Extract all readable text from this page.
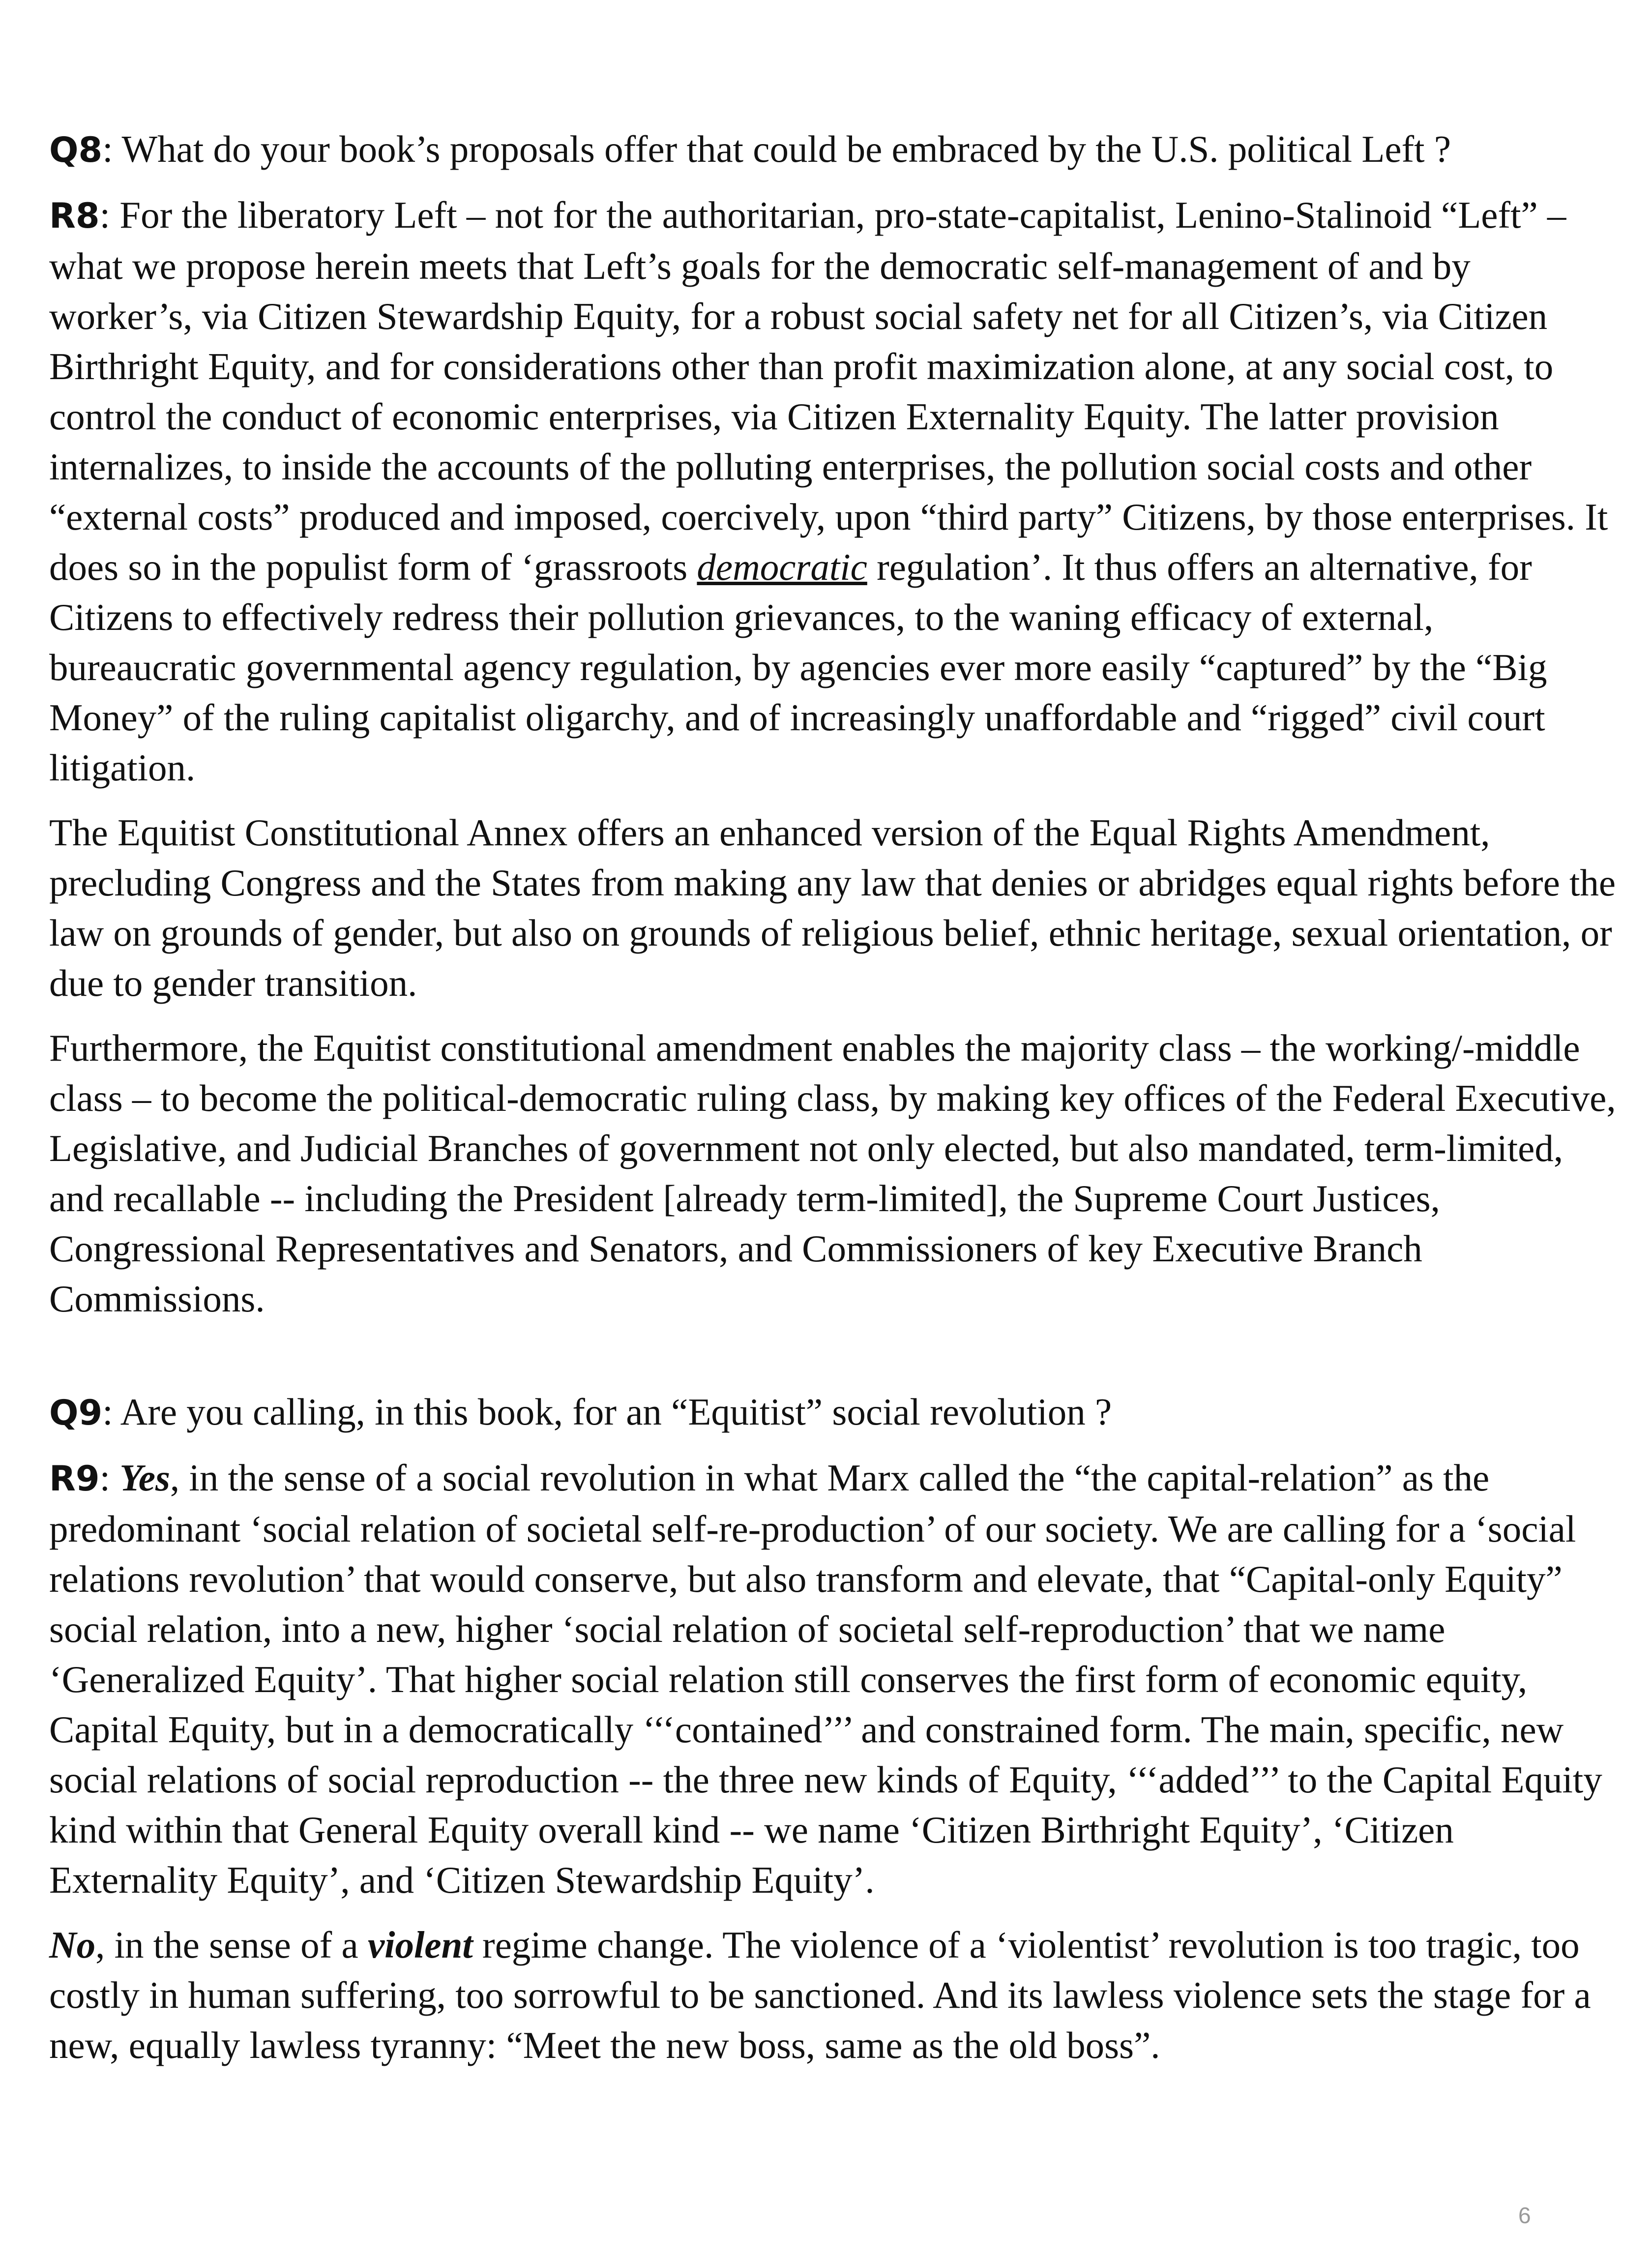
Q8: What do your book’s proposals offer that could be embraced by the U.S. political Left ?

R8: For the liberatory Left – not for the authoritarian, pro-state-capitalist, Lenino-Stalinoid “Left” – what we propose herein meets that Left’s goals for the democratic self-management of and by worker’s, via Citizen Stewardship Equity, for a robust social safety net for all Citizen’s, via Citizen Birthright Equity, and for considerations other than profit maximization alone, at any social cost, to control the conduct of economic enterprises, via Citizen Externality Equity. The latter provision internalizes, to inside the accounts of the polluting enterprises, the pollution social costs and other “external costs” produced and imposed, coercively, upon “third party” Citizens, by those enterprises. It does so in the populist form of ‘grassroots democratic regulation’. It thus offers an alternative, for Citizens to effectively redress their pollution grievances, to the waning efficacy of external, bureaucratic governmental agency regulation, by agencies ever more easily “captured” by the “Big Money” of the ruling capitalist oligarchy, and of increasingly unaffordable and “rigged” civil court litigation.

The Equitist Constitutional Annex offers an enhanced version of the Equal Rights Amendment, precluding Congress and the States from making any law that denies or abridges equal rights before the law on grounds of gender, but also on grounds of religious belief, ethnic heritage, sexual orientation, or due to gender transition.

Furthermore, the Equitist constitutional amendment enables the majority class – the working/-middle class – to become the political-democratic ruling class, by making key offices of the Federal Executive, Legislative, and Judicial Branches of government not only elected, but also mandated, term-limited, and recallable -- including the President [already term-limited], the Supreme Court Justices, Congressional Representatives and Senators, and Commissioners of key Executive Branch Commissions.

Q9: Are you calling, in this book, for an “Equitist” social revolution ?

R9: Yes, in the sense of a social revolution in what Marx called the “the capital-relation” as the predominant ‘social relation of societal self-re-production’ of our society. We are calling for a ‘social relations revolution’ that would conserve, but also transform and elevate, that “Capital-only Equity” social relation, into a new, higher ‘social relation of societal self-reproduction’ that we name ‘Generalized Equity’. That higher social relation still conserves the first form of economic equity, Capital Equity, but in a democratically ‘‘‘contained’’’ and constrained form. The main, specific, new social relations of social reproduction -- the three new kinds of Equity, ‘‘‘added’’’ to the Capital Equity kind within that General Equity overall kind -- we name ‘Citizen Birthright Equity’, ‘Citizen Externality Equity’, and ‘Citizen Stewardship Equity’.

No, in the sense of a violent regime change. The violence of a ‘violentist’ revolution is too tragic, too costly in human suffering, too sorrowful to be sanctioned. And its lawless violence sets the stage for a new, equally lawless tyranny: “Meet the new boss, same as the old boss”.

6
